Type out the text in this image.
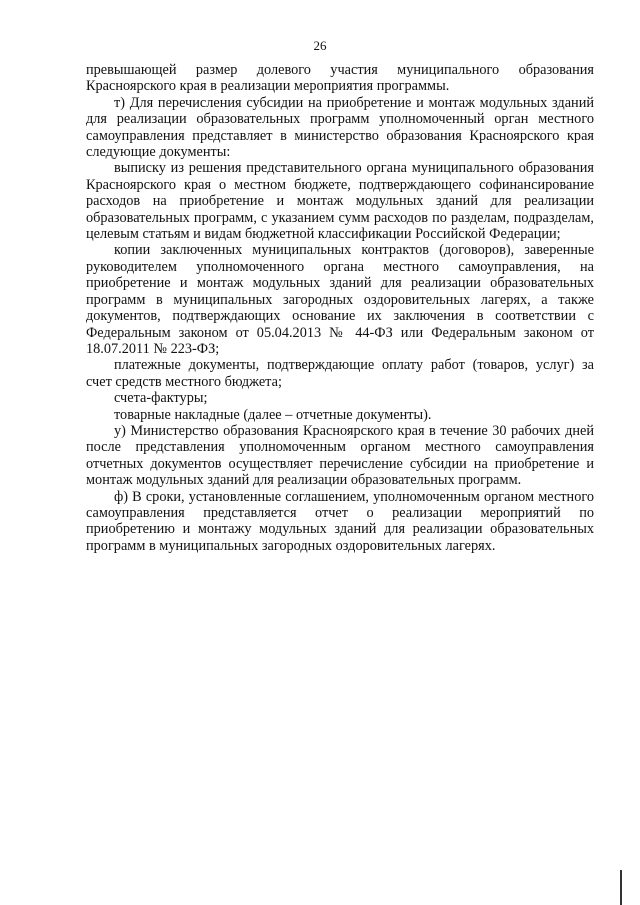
26

превышающей размер долевого участия муниципального образования Красноярского края в реализации мероприятия программы.

т) Для перечисления субсидии на приобретение и монтаж модульных зданий для реализации образовательных программ уполномоченный орган местного самоуправления представляет в министерство образования Красноярского края следующие документы:

выписку из решения представительного органа муниципального образования Красноярского края о местном бюджете, подтверждающего софинансирование расходов на приобретение и монтаж модульных зданий для реализации образовательных программ, с указанием сумм расходов по разделам, подразделам, целевым статьям и видам бюджетной классификации Российской Федерации;

копии заключенных муниципальных контрактов (договоров), заверенные руководителем уполномоченного органа местного самоуправления, на приобретение и монтаж модульных зданий для реализации образовательных программ в муниципальных загородных оздоровительных лагерях, а также документов, подтверждающих основание их заключения в соответствии с Федеральным законом от 05.04.2013 № 44-ФЗ или Федеральным законом от 18.07.2011 № 223-ФЗ;

платежные документы, подтверждающие оплату работ (товаров, услуг) за счет средств местного бюджета;

счета-фактуры;

товарные накладные (далее – отчетные документы).

у) Министерство образования Красноярского края в течение 30 рабочих дней после представления уполномоченным органом местного самоуправления отчетных документов осуществляет перечисление субсидии на приобретение и монтаж модульных зданий для реализации образовательных программ.

ф) В сроки, установленные соглашением, уполномоченным органом местного самоуправления представляется отчет о реализации мероприятий по приобретению и монтажу модульных зданий для реализации образовательных программ в муниципальных загородных оздоровительных лагерях.
